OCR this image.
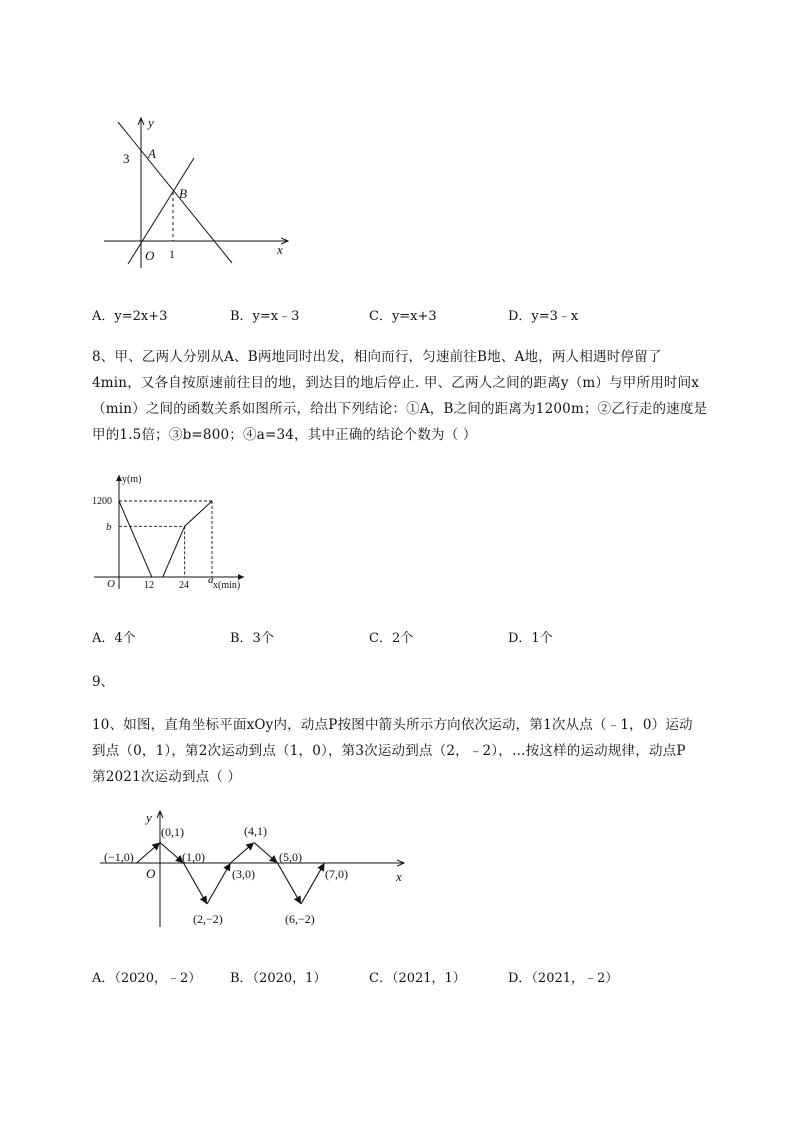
y
x
3 A
B
O 1
A．y=2x+3	B．y=x﹣3	C．y=x+3	D．y=3﹣x
8、甲、乙两人分别从A、B两地同时出发，相向而行，匀速前往B地、A地，两人相遇时停留了
4min，又各自按原速前往目的地，到达目的地后停止. 甲、乙两人之间的距离y（m）与甲所用时间x
（min）之间的函数关系如图所示，给出下列结论：①A，B之间的距离为1200m；②乙行走的速度是
甲的1.5倍；③b=800；④a=34，其中正确的结论个数为（ ）
y(m)
x(min)
1200
b
O	12	24 a
A．4个	B．3个	C．2个	D．1个
9、
10、如图，直角坐标平面xOy内，动点P按图中箭头所示方向依次运动，第1次从点（﹣1，0）运动
到点（0，1），第2次运动到点（1，0），第3次运动到点（2，﹣2），…按这样的运动规律，动点P
第2021次运动到点（ ）
y
x
O
(−1,0)
(0,1)
(1,0)
(2,−2)
(3,0)
(4,1)
(5,0)
(6,−2)
(7,0)
A．（2020，﹣2） B．（2020，1）	C．（2021，1）	D．（2021，﹣2）
